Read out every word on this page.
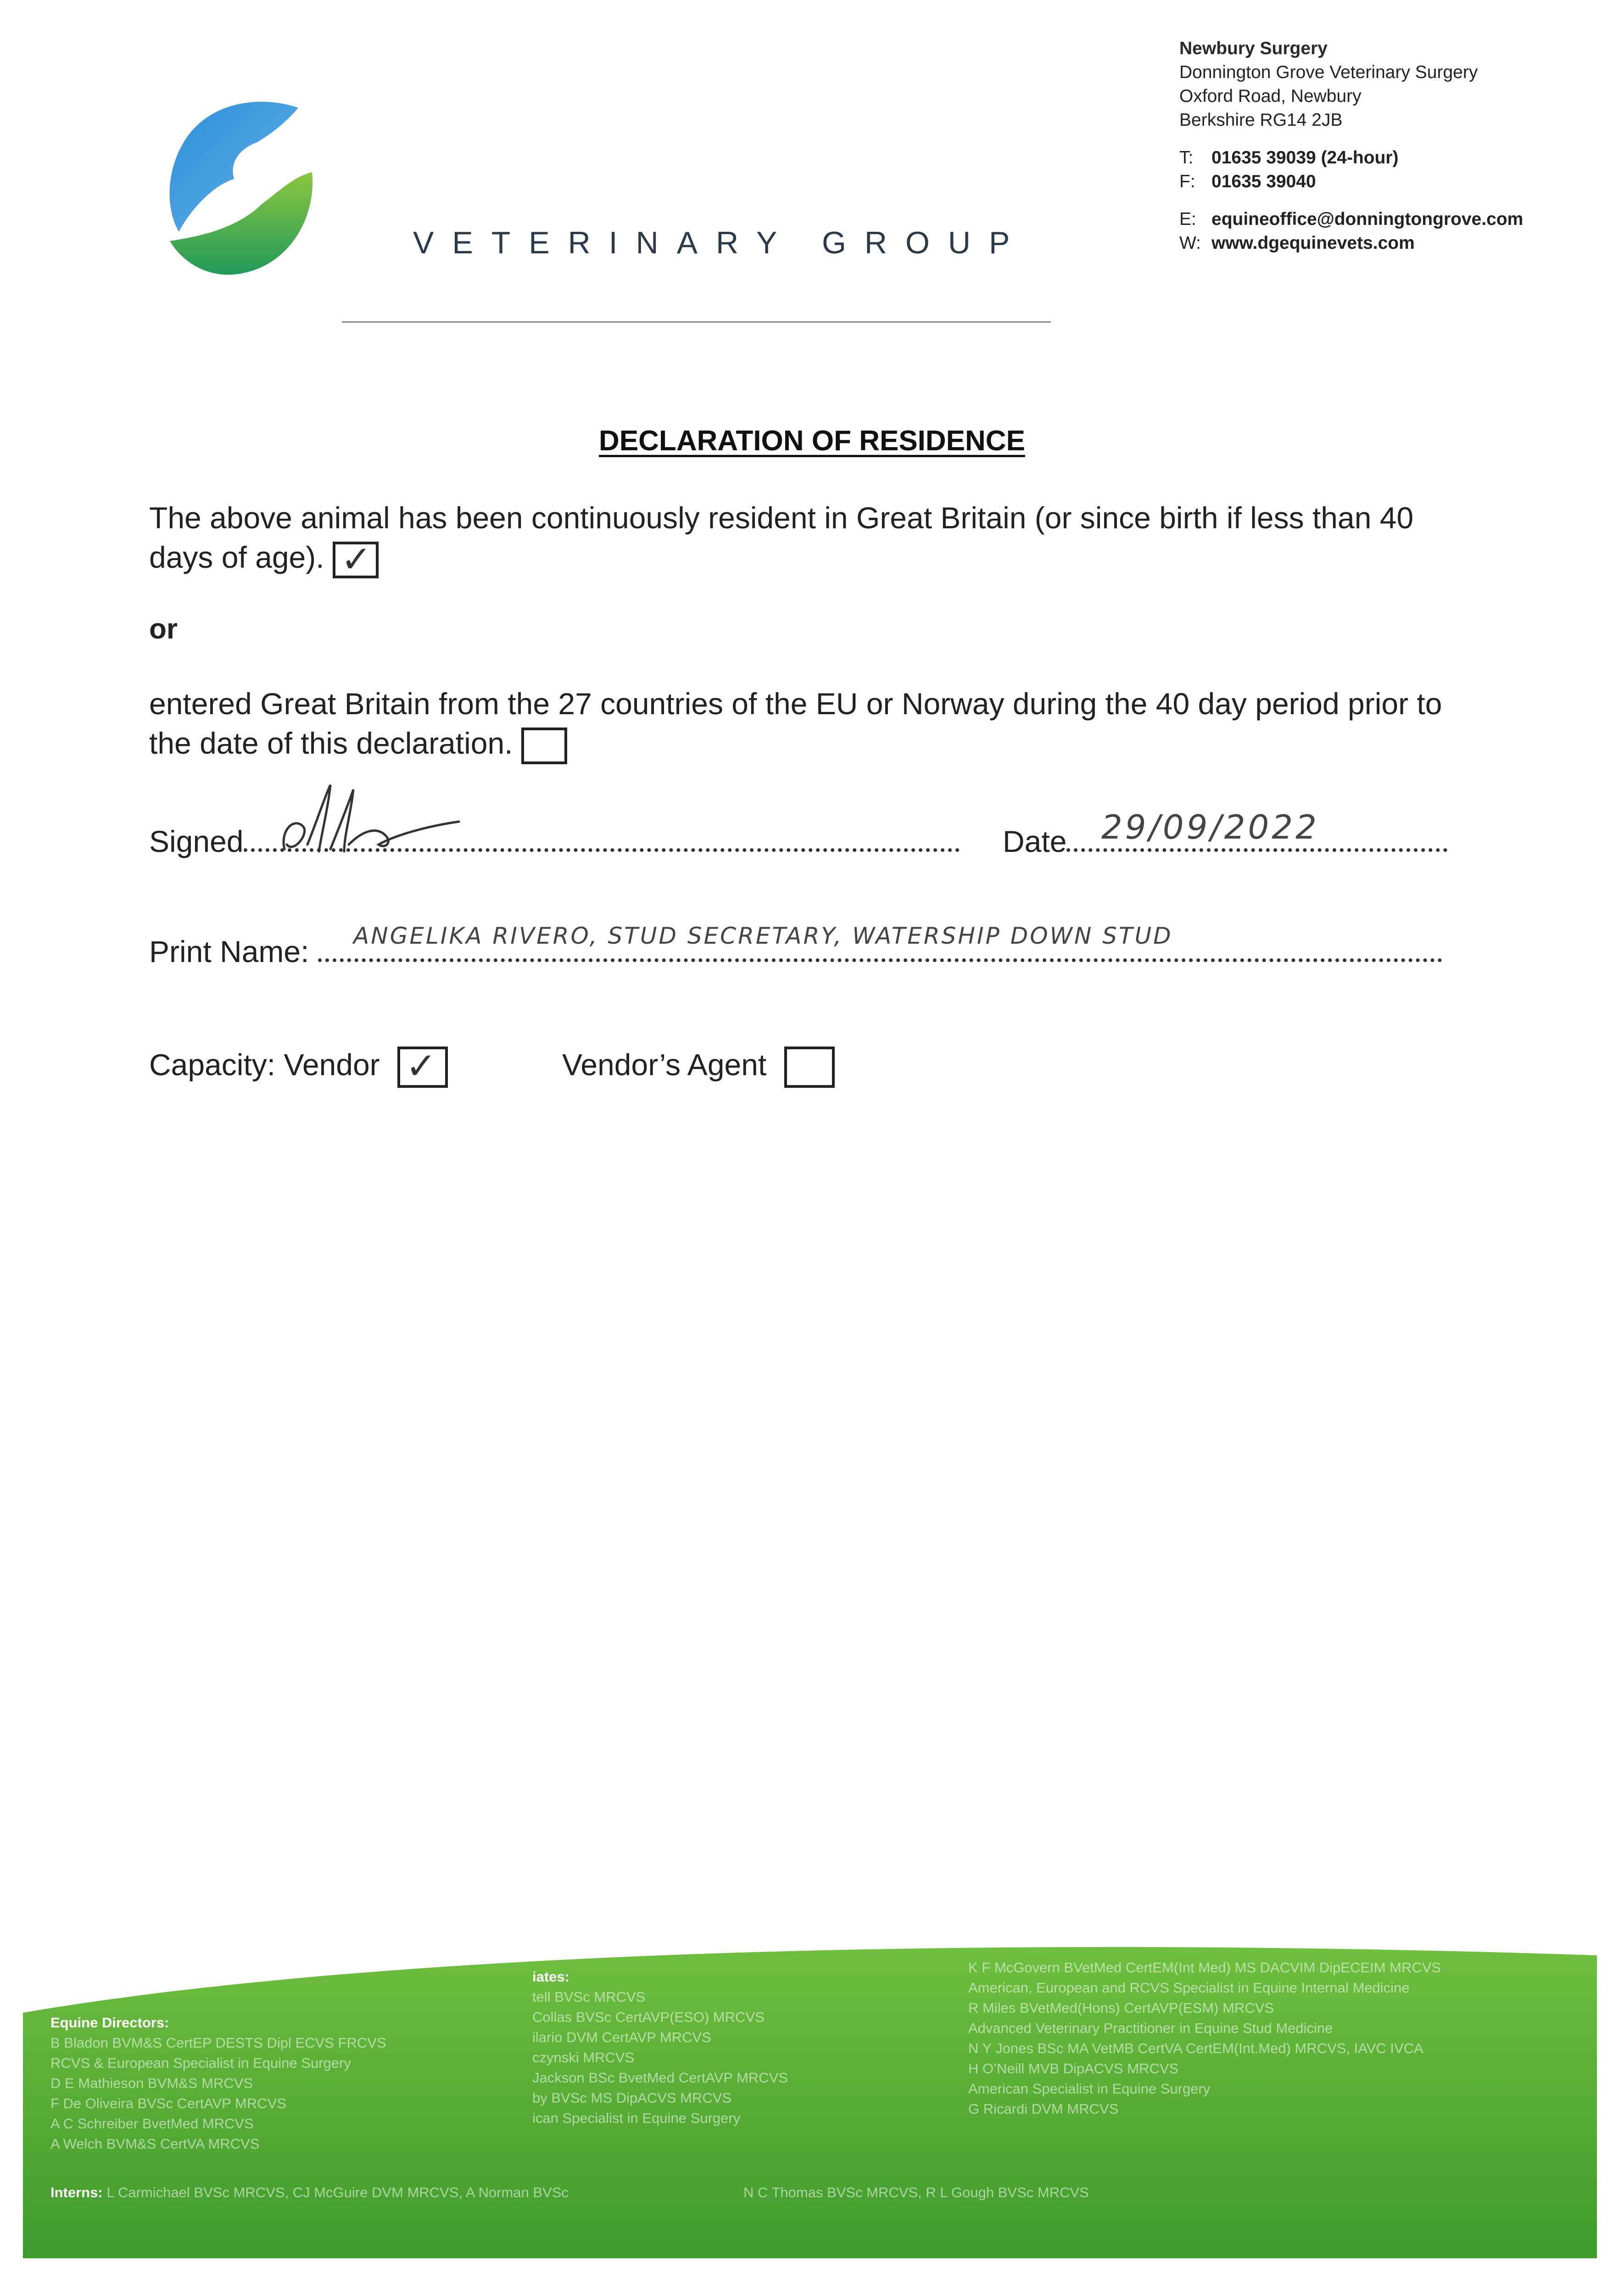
VETERINARY GROUP
Newbury Surgery
Donnington Grove Veterinary Surgery
Oxford Road, Newbury
Berkshire RG14 2JB
T: 01635 39039 (24-hour)
F: 01635 39040
E: equineoffice@donningtongrove.com
W: www.dgequinevets.com
DECLARATION OF RESIDENCE
The above animal has been continuously resident in Great Britain (or since birth if less than 40 days of age). ✓
or
entered Great Britain from the 27 countries of the EU or Norway during the 40 day period prior to the date of this declaration.
Signed	Date	29/09/2022
Print Name:	ANGELIKA RIVERO, STUD SECRETARY, WATERSHIP DOWN STUD
Capacity: Vendor ✓	Vendor’s Agent
Equine Directors:
B Bladon BVM&S CertEP DESTS Dipl ECVS FRCVS
RCVS & European Specialist in Equine Surgery
D E Mathieson BVM&S MRCVS
F De Oliveira BVSc CertAVP MRCVS
A C Schreiber BvetMed MRCVS
A Welch BVM&S CertVA MRCVS
iates:
tell BVSc MRCVS
Collas BVSc CertAVP(ESO) MRCVS
ilario DVM CertAVP MRCVS
czynski MRCVS
Jackson BSc BvetMed CertAVP MRCVS
by BVSc MS DipACVS MRCVS
ican Specialist in Equine Surgery
K F McGovern BVetMed CertEM(Int Med) MS DACVIM DipECEIM MRCVS
American, European and RCVS Specialist in Equine Internal Medicine
R Miles BVetMed(Hons) CertAVP(ESM) MRCVS
Advanced Veterinary Practitioner in Equine Stud Medicine
N Y Jones BSc MA VetMB CertVA CertEM(Int.Med) MRCVS, IAVC IVCA
H O’Neill MVB DipACVS MRCVS
American Specialist in Equine Surgery
G Ricardi DVM MRCVS
Interns: L Carmichael BVSc MRCVS, CJ McGuire DVM MRCVS, A Norman BVSc	N C Thomas BVSc MRCVS, R L Gough BVSc MRCVS
